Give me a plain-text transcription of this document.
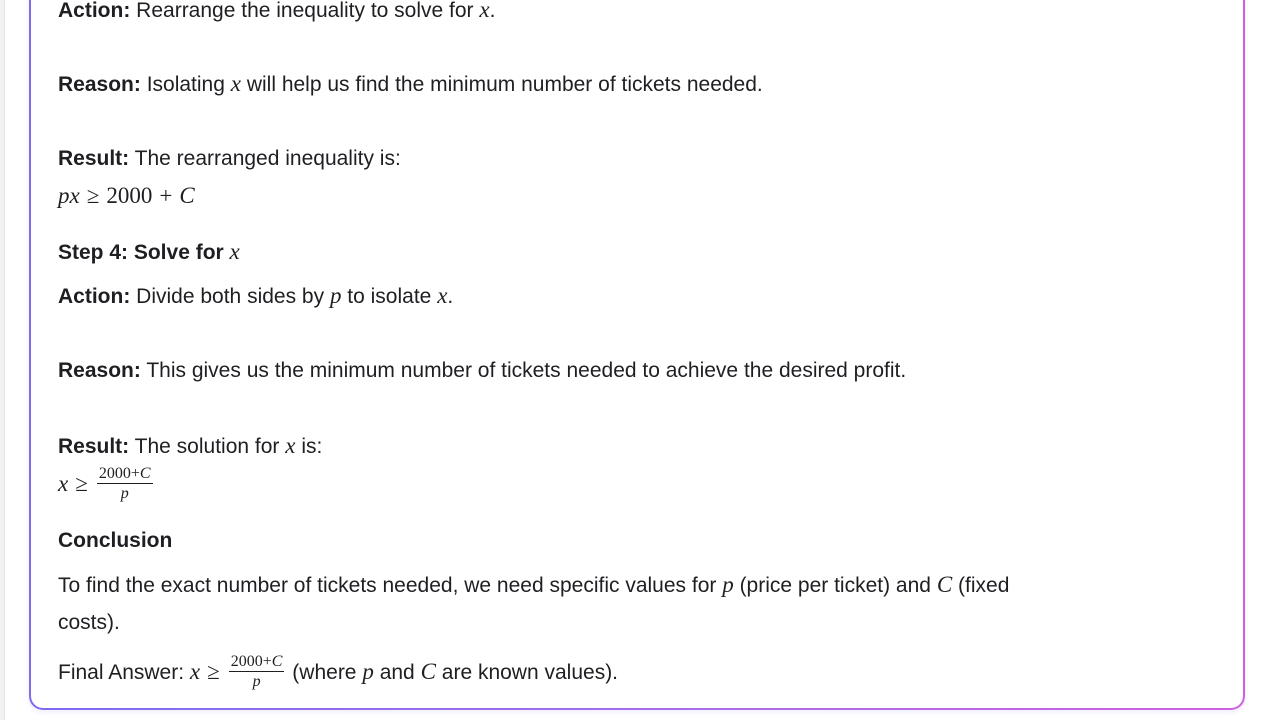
Action: Rearrange the inequality to solve for x.
Reason: Isolating x will help us find the minimum number of tickets needed.
Result: The rearranged inequality is:
px ≥ 2000 + C
Step 4: Solve for x
Action: Divide both sides by p to isolate x.
Reason: This gives us the minimum number of tickets needed to achieve the desired profit.
Result: The solution for x is:
$x \ge \frac{2000+C}{p}$
Conclusion
To find the exact number of tickets needed, we need specific values for p (price per ticket) and C (fixed
costs).
Final Answer: $x \ge \frac{2000+C}{p}$ (where p and C are known values).
